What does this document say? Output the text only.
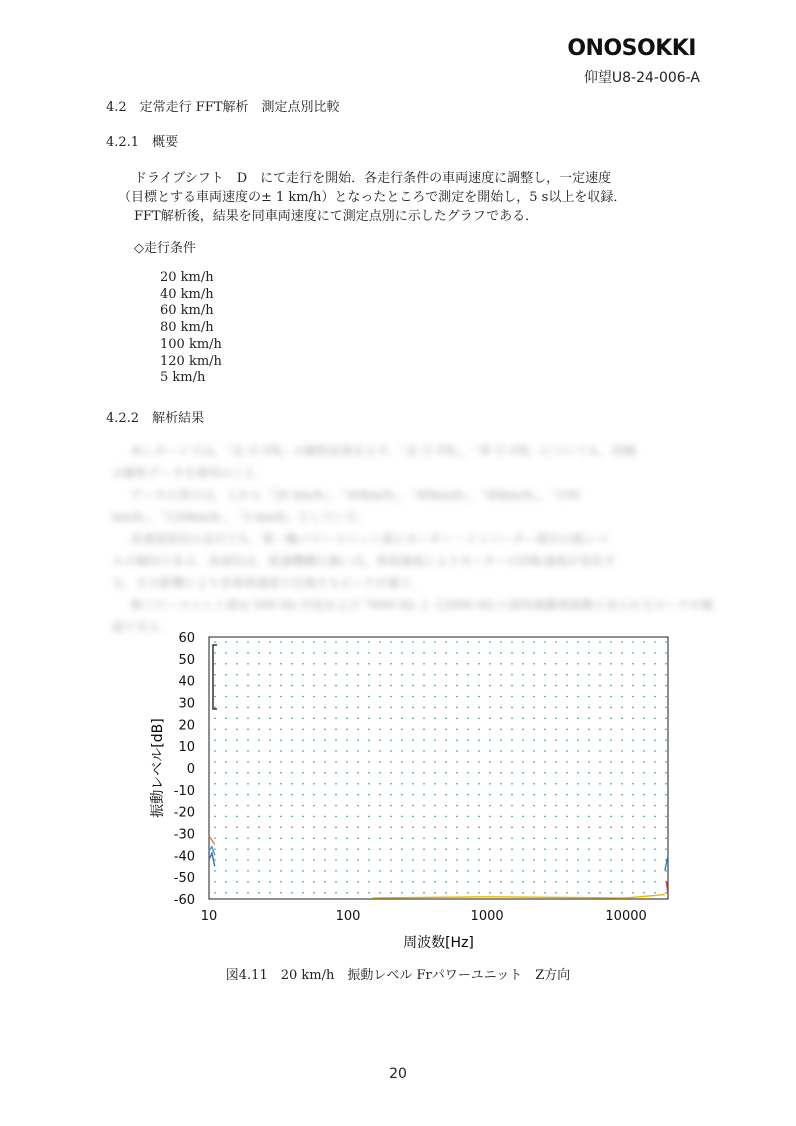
ONOSOKKI
仰望U8-24-006-A
4.2　定常走行 FFT解析　測定点別比較
4.2.1　概要
ドライブシフト　D　にて走行を開始．各走行条件の車両速度に調整し，一定速度
（目標とする車両速度の± 1 km/h）となったところで測定を開始し，5 s以上を収録．
FFT解析後，結果を同車両速度にて測定点別に示したグラフである．
◇走行条件
20 km/h
40 km/h
60 km/h
80 km/h
100 km/h
120 km/h
5 km/h
4.2.2　解析結果
本レポートでは，「走 行 FR」の解析結果を示す．「走 行 FR」，「常 行 FR」についても，同様
の解析データを使用のこと．
データの表示は，上から「20 km/h」，「40km/h」，「60km/h」，「80km/h」，「100
km/h」，「120km/h」，「5 km/h」としている．
各速度固定の走行でも，第一軸パワーユニット部とモーター・インバーター部共の振レベ
ルの傾向である．各部位は，低速機構の強い点，車両速度によりモーターの回転速度が変化す
る，その影響により各車両速度で出現するピークが違う．
第パワーユニット部は 500 Hz 付近および 7000 Hz と 12000 Hz に固有振動周波数と見られるピークが確
認できる．
-60
-50
-40
-30
-20
-10
0
10
20
30
40
50
60
10	100	1000	10000
振動レベル[dB]
周波数[Hz]
図4.11　20 km/h　振動レベル Frパワーユニット　Z方向
20
